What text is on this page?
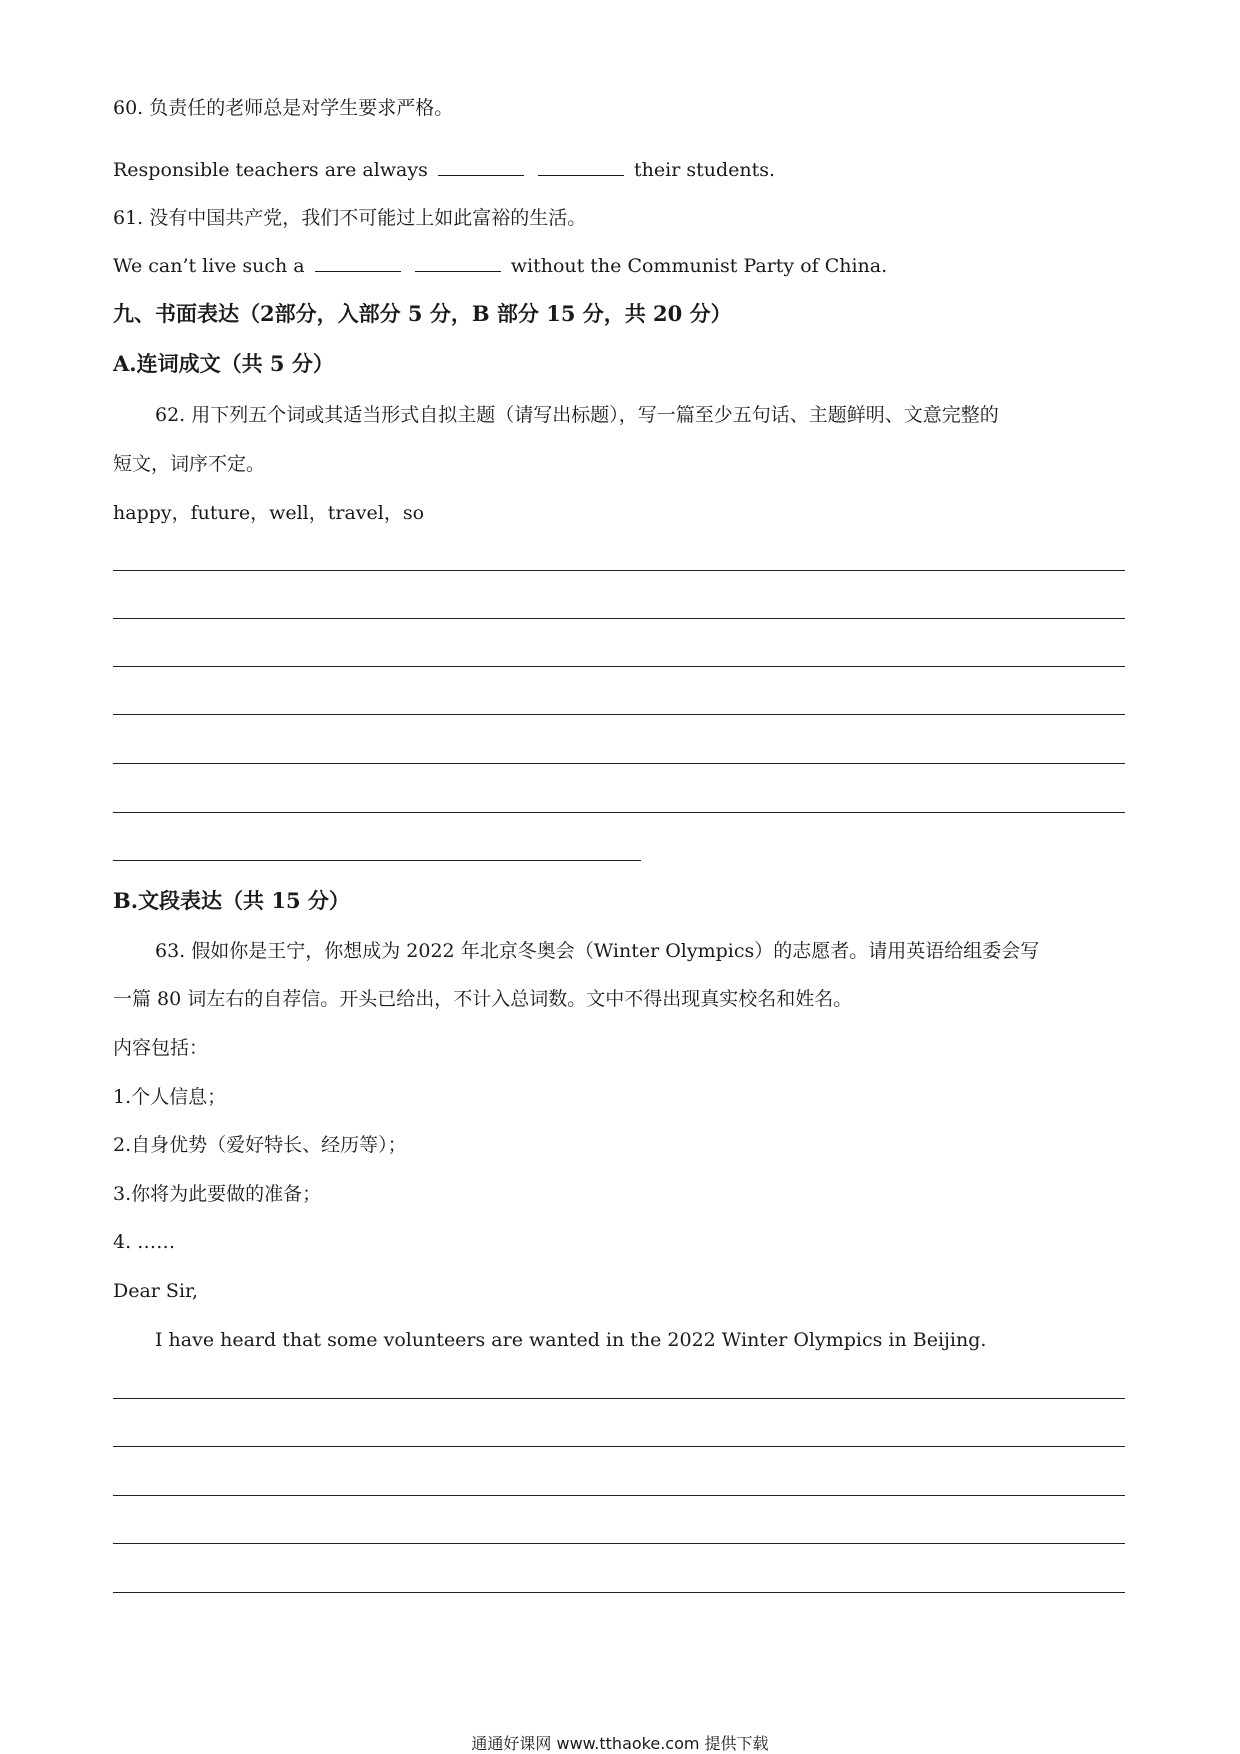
60. 负责任的老师总是对学生要求严格。
Responsible teachers are always	their students.
61. 没有中国共产党，我们不可能过上如此富裕的生活。
We can’t live such a	without the Communist Party of China.
九、书面表达（2部分，入部分 5 分，B 部分 15 分，共 20 分）
A.连词成文（共 5 分）
62. 用下列五个词或其适当形式自拟主题（请写出标题），写一篇至少五句话、主题鲜明、文意完整的
短文，词序不定。
happy，future，well，travel，so
B.文段表达（共 15 分）
63. 假如你是王宁，你想成为 2022 年北京冬奥会（Winter Olympics）的志愿者。请用英语给组委会写
一篇 80 词左右的自荐信。开头已给出，不计入总词数。文中不得出现真实校名和姓名。
内容包括：
1.个人信息；
2.自身优势（爱好特长、经历等）；
3.你将为此要做的准备；
4. ……
Dear Sir,
I have heard that some volunteers are wanted in the 2022 Winter Olympics in Beijing.
通通好课网 www.tthaoke.com 提供下载
